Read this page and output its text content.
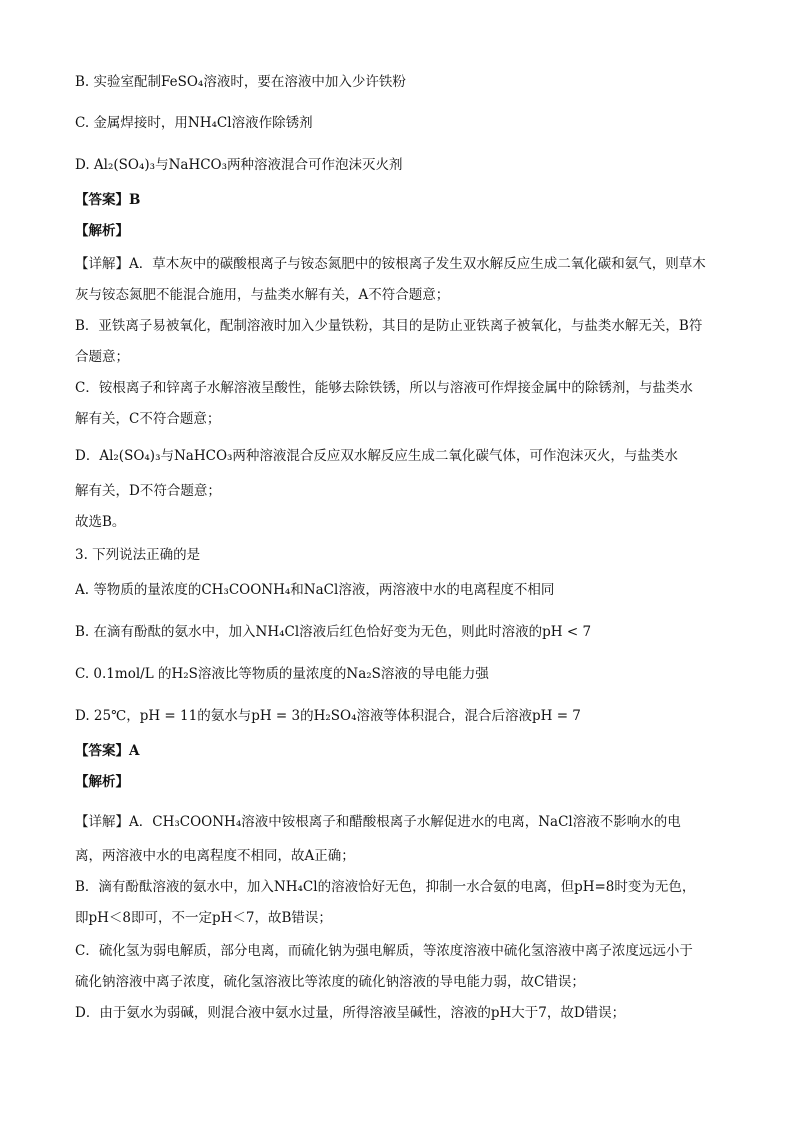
B. 实验室配制FeSO₄溶液时，要在溶液中加入少许铁粉
C. 金属焊接时，用NH₄Cl溶液作除锈剂
D. Al₂(SO₄)₃与NaHCO₃两种溶液混合可作泡沫灭火剂
【答案】B
【解析】
【详解】A．草木灰中的碳酸根离子与铵态氮肥中的铵根离子发生双水解反应生成二氧化碳和氨气，则草木
灰与铵态氮肥不能混合施用，与盐类水解有关，A不符合题意；
B．亚铁离子易被氧化，配制溶液时加入少量铁粉，其目的是防止亚铁离子被氧化，与盐类水解无关，B符
合题意；
C．铵根离子和锌离子水解溶液呈酸性，能够去除铁锈，所以与溶液可作焊接金属中的除锈剂，与盐类水
解有关，C不符合题意；
D．Al₂(SO₄)₃与NaHCO₃两种溶液混合反应双水解反应生成二氧化碳气体，可作泡沫灭火，与盐类水
解有关，D不符合题意；
故选B。
3. 下列说法正确的是
A. 等物质的量浓度的CH₃COONH₄和NaCl溶液，两溶液中水的电离程度不相同
B. 在滴有酚酞的氨水中，加入NH₄Cl溶液后红色恰好变为无色，则此时溶液的pH < 7
C. 0.1mol/L 的H₂S溶液比等物质的量浓度的Na₂S溶液的导电能力强
D. 25℃，pH = 11的氨水与pH = 3的H₂SO₄溶液等体积混合，混合后溶液pH = 7
【答案】A
【解析】
【详解】A．CH₃COONH₄溶液中铵根离子和醋酸根离子水解促进水的电离，NaCl溶液不影响水的电
离，两溶液中水的电离程度不相同，故A正确；
B．滴有酚酞溶液的氨水中，加入NH₄Cl的溶液恰好无色，抑制一水合氨的电离，但pH=8时变为无色，
即pH＜8即可，不一定pH＜7，故B错误；
C．硫化氢为弱电解质，部分电离，而硫化钠为强电解质，等浓度溶液中硫化氢溶液中离子浓度远远小于
硫化钠溶液中离子浓度，硫化氢溶液比等浓度的硫化钠溶液的导电能力弱，故C错误；
D．由于氨水为弱碱，则混合液中氨水过量，所得溶液呈碱性，溶液的pH大于7，故D错误；
